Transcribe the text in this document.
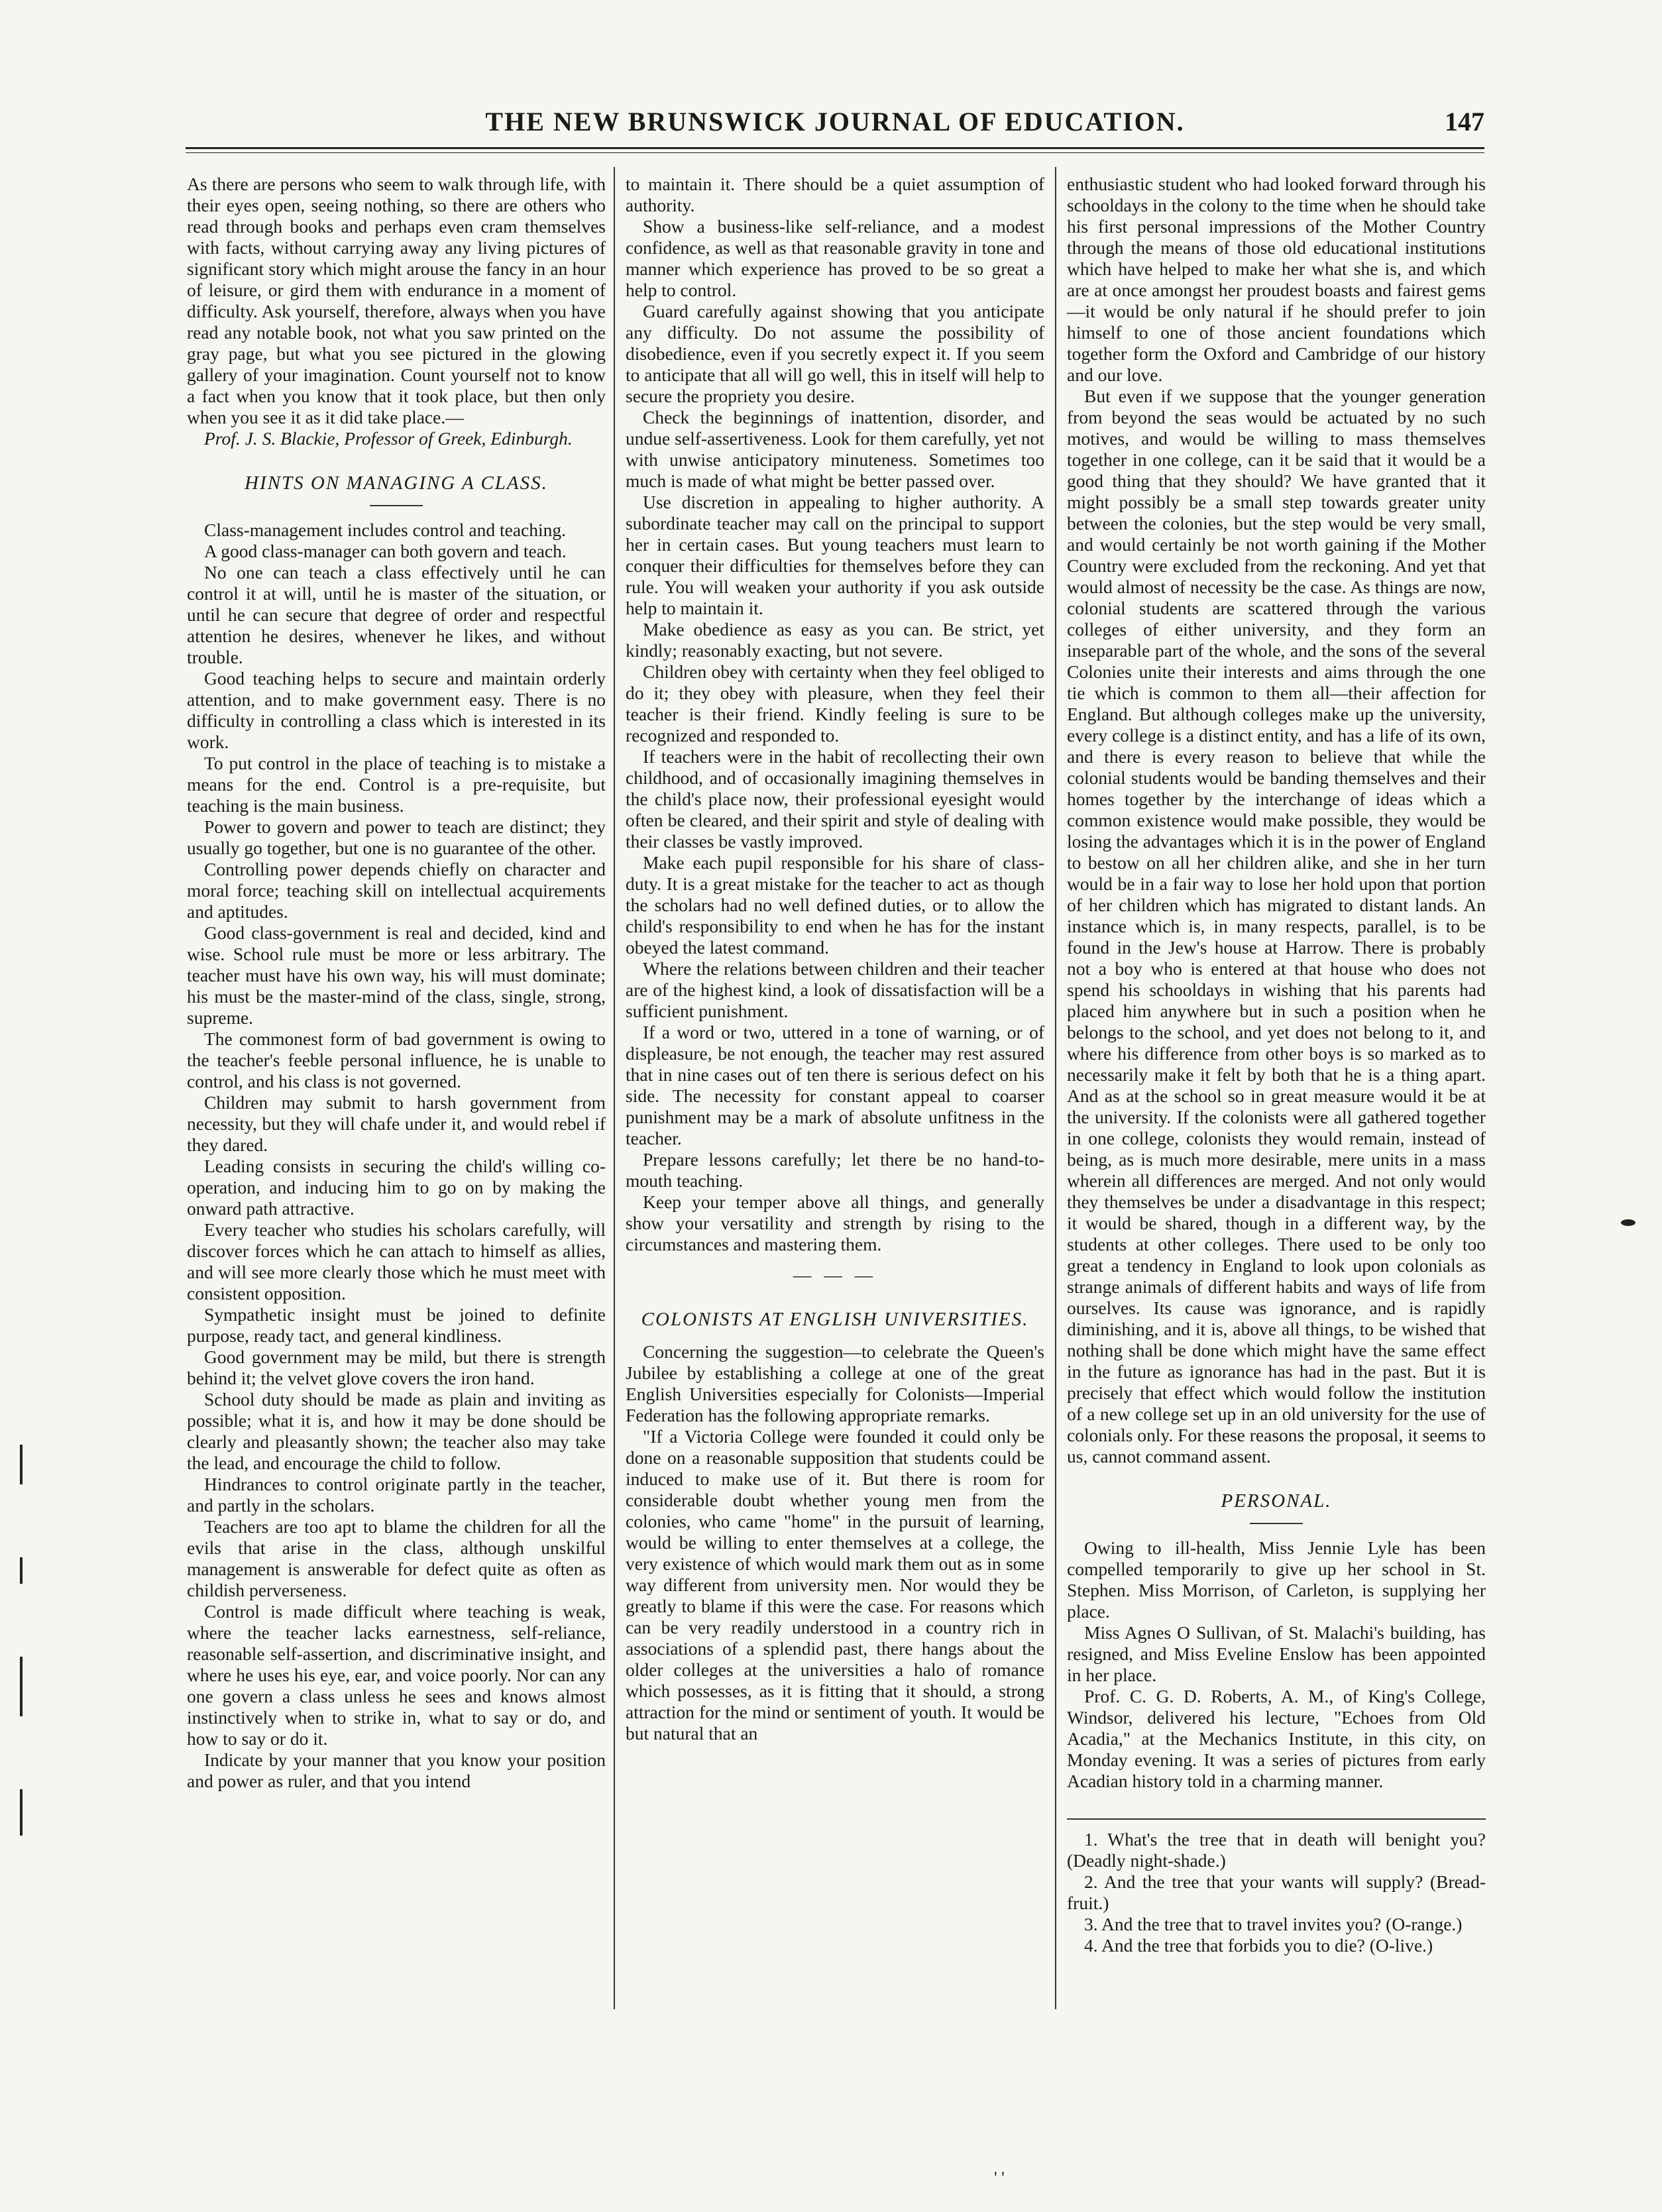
THE NEW BRUNSWICK JOURNAL OF EDUCATION.	147

As there are persons who seem to walk through life, with their eyes open, seeing nothing, so there are others who read through books and perhaps even cram themselves with facts, without carrying away any living pictures of significant story which might arouse the fancy in an hour of leisure, or gird them with endurance in a moment of difficulty. Ask yourself, therefore, always when you have read any notable book, not what you saw printed on the gray page, but what you see pictured in the glowing gallery of your imagination. Count yourself not to know a fact when you know that it took place, but then only when you see it as it did take place.—

Prof. J. S. Blackie, Professor of Greek, Edinburgh.

HINTS ON MANAGING A CLASS.

Class-management includes control and teaching.

A good class-manager can both govern and teach.

No one can teach a class effectively until he can control it at will, until he is master of the situation, or until he can secure that degree of order and respectful attention he desires, whenever he likes, and without trouble.

Good teaching helps to secure and maintain orderly attention, and to make government easy. There is no difficulty in controlling a class which is interested in its work.

To put control in the place of teaching is to mistake a means for the end. Control is a pre-requisite, but teaching is the main business.

Power to govern and power to teach are distinct; they usually go together, but one is no guarantee of the other.

Controlling power depends chiefly on character and moral force; teaching skill on intellectual acquirements and aptitudes.

Good class-government is real and decided, kind and wise. School rule must be more or less arbitrary. The teacher must have his own way, his will must dominate; his must be the master-mind of the class, single, strong, supreme.

The commonest form of bad government is owing to the teacher's feeble personal influence, he is unable to control, and his class is not governed.

Children may submit to harsh government from necessity, but they will chafe under it, and would rebel if they dared.

Leading consists in securing the child's willing co-operation, and inducing him to go on by making the onward path attractive.

Every teacher who studies his scholars carefully, will discover forces which he can attach to himself as allies, and will see more clearly those which he must meet with consistent opposition.

Sympathetic insight must be joined to definite purpose, ready tact, and general kindliness.

Good government may be mild, but there is strength behind it; the velvet glove covers the iron hand.

School duty should be made as plain and inviting as possible; what it is, and how it may be done should be clearly and pleasantly shown; the teacher also may take the lead, and encourage the child to follow.

Hindrances to control originate partly in the teacher, and partly in the scholars.

Teachers are too apt to blame the children for all the evils that arise in the class, although unskilful management is answerable for defect quite as often as childish perverseness.

Control is made difficult where teaching is weak, where the teacher lacks earnestness, self-reliance, reasonable self-assertion, and discriminative insight, and where he uses his eye, ear, and voice poorly. Nor can any one govern a class unless he sees and knows almost instinctively when to strike in, what to say or do, and how to say or do it.

Indicate by your manner that you know your position and power as ruler, and that you intend

to maintain it. There should be a quiet assumption of authority.

Show a business-like self-reliance, and a modest confidence, as well as that reasonable gravity in tone and manner which experience has proved to be so great a help to control.

Guard carefully against showing that you anticipate any difficulty. Do not assume the possibility of disobedience, even if you secretly expect it. If you seem to anticipate that all will go well, this in itself will help to secure the propriety you desire.

Check the beginnings of inattention, disorder, and undue self-assertiveness. Look for them carefully, yet not with unwise anticipatory minuteness. Sometimes too much is made of what might be better passed over.

Use discretion in appealing to higher authority. A subordinate teacher may call on the principal to support her in certain cases. But young teachers must learn to conquer their difficulties for themselves before they can rule. You will weaken your authority if you ask outside help to maintain it.

Make obedience as easy as you can. Be strict, yet kindly; reasonably exacting, but not severe.

Children obey with certainty when they feel obliged to do it; they obey with pleasure, when they feel their teacher is their friend. Kindly feeling is sure to be recognized and responded to.

If teachers were in the habit of recollecting their own childhood, and of occasionally imagining themselves in the child's place now, their professional eyesight would often be cleared, and their spirit and style of dealing with their classes be vastly improved.

Make each pupil responsible for his share of class-duty. It is a great mistake for the teacher to act as though the scholars had no well defined duties, or to allow the child's responsibility to end when he has for the instant obeyed the latest command.

Where the relations between children and their teacher are of the highest kind, a look of dissatisfaction will be a sufficient punishment.

If a word or two, uttered in a tone of warning, or of displeasure, be not enough, the teacher may rest assured that in nine cases out of ten there is serious defect on his side. The necessity for constant appeal to coarser punishment may be a mark of absolute unfitness in the teacher.

Prepare lessons carefully; let there be no hand-to-mouth teaching.

Keep your temper above all things, and generally show your versatility and strength by rising to the circumstances and mastering them.

— — —

COLONISTS AT ENGLISH UNIVERSITIES.

Concerning the suggestion—to celebrate the Queen's Jubilee by establishing a college at one of the great English Universities especially for Colonists—Imperial Federation has the following appropriate remarks.

"If a Victoria College were founded it could only be done on a reasonable supposition that students could be induced to make use of it. But there is room for considerable doubt whether young men from the colonies, who came "home" in the pursuit of learning, would be willing to enter themselves at a college, the very existence of which would mark them out as in some way different from university men. Nor would they be greatly to blame if this were the case. For reasons which can be very readily understood in a country rich in associations of a splendid past, there hangs about the older colleges at the universities a halo of romance which possesses, as it is fitting that it should, a strong attraction for the mind or sentiment of youth. It would be but natural that an

enthusiastic student who had looked forward through his schooldays in the colony to the time when he should take his first personal impressions of the Mother Country through the means of those old educational institutions which have helped to make her what she is, and which are at once amongst her proudest boasts and fairest gems—it would be only natural if he should prefer to join himself to one of those ancient foundations which together form the Oxford and Cambridge of our history and our love.

But even if we suppose that the younger generation from beyond the seas would be actuated by no such motives, and would be willing to mass themselves together in one college, can it be said that it would be a good thing that they should? We have granted that it might possibly be a small step towards greater unity between the colonies, but the step would be very small, and would certainly be not worth gaining if the Mother Country were excluded from the reckoning. And yet that would almost of necessity be the case. As things are now, colonial students are scattered through the various colleges of either university, and they form an inseparable part of the whole, and the sons of the several Colonies unite their interests and aims through the one tie which is common to them all—their affection for England. But although colleges make up the university, every college is a distinct entity, and has a life of its own, and there is every reason to believe that while the colonial students would be banding themselves and their homes together by the interchange of ideas which a common existence would make possible, they would be losing the advantages which it is in the power of England to bestow on all her children alike, and she in her turn would be in a fair way to lose her hold upon that portion of her children which has migrated to distant lands. An instance which is, in many respects, parallel, is to be found in the Jew's house at Harrow. There is probably not a boy who is entered at that house who does not spend his schooldays in wishing that his parents had placed him anywhere but in such a position when he belongs to the school, and yet does not belong to it, and where his difference from other boys is so marked as to necessarily make it felt by both that he is a thing apart. And as at the school so in great measure would it be at the university. If the colonists were all gathered together in one college, colonists they would remain, instead of being, as is much more desirable, mere units in a mass wherein all differences are merged. And not only would they themselves be under a disadvantage in this respect; it would be shared, though in a different way, by the students at other colleges. There used to be only too great a tendency in England to look upon colonials as strange animals of different habits and ways of life from ourselves. Its cause was ignorance, and is rapidly diminishing, and it is, above all things, to be wished that nothing shall be done which might have the same effect in the future as ignorance has had in the past. But it is precisely that effect which would follow the institution of a new college set up in an old university for the use of colonials only. For these reasons the proposal, it seems to us, cannot command assent.

PERSONAL.

Owing to ill-health, Miss Jennie Lyle has been compelled temporarily to give up her school in St. Stephen. Miss Morrison, of Carleton, is supplying her place.

Miss Agnes O Sullivan, of St. Malachi's building, has resigned, and Miss Eveline Enslow has been appointed in her place.

Prof. C. G. D. Roberts, A. M., of King's College, Windsor, delivered his lecture, "Echoes from Old Acadia," at the Mechanics Institute, in this city, on Monday evening. It was a series of pictures from early Acadian history told in a charming manner.

1. What's the tree that in death will benight you? (Deadly night-shade.)

2. And the tree that your wants will supply? (Bread-fruit.)

3. And the tree that to travel invites you? (O-range.)

4. And the tree that forbids you to die? (O-live.)

' '
